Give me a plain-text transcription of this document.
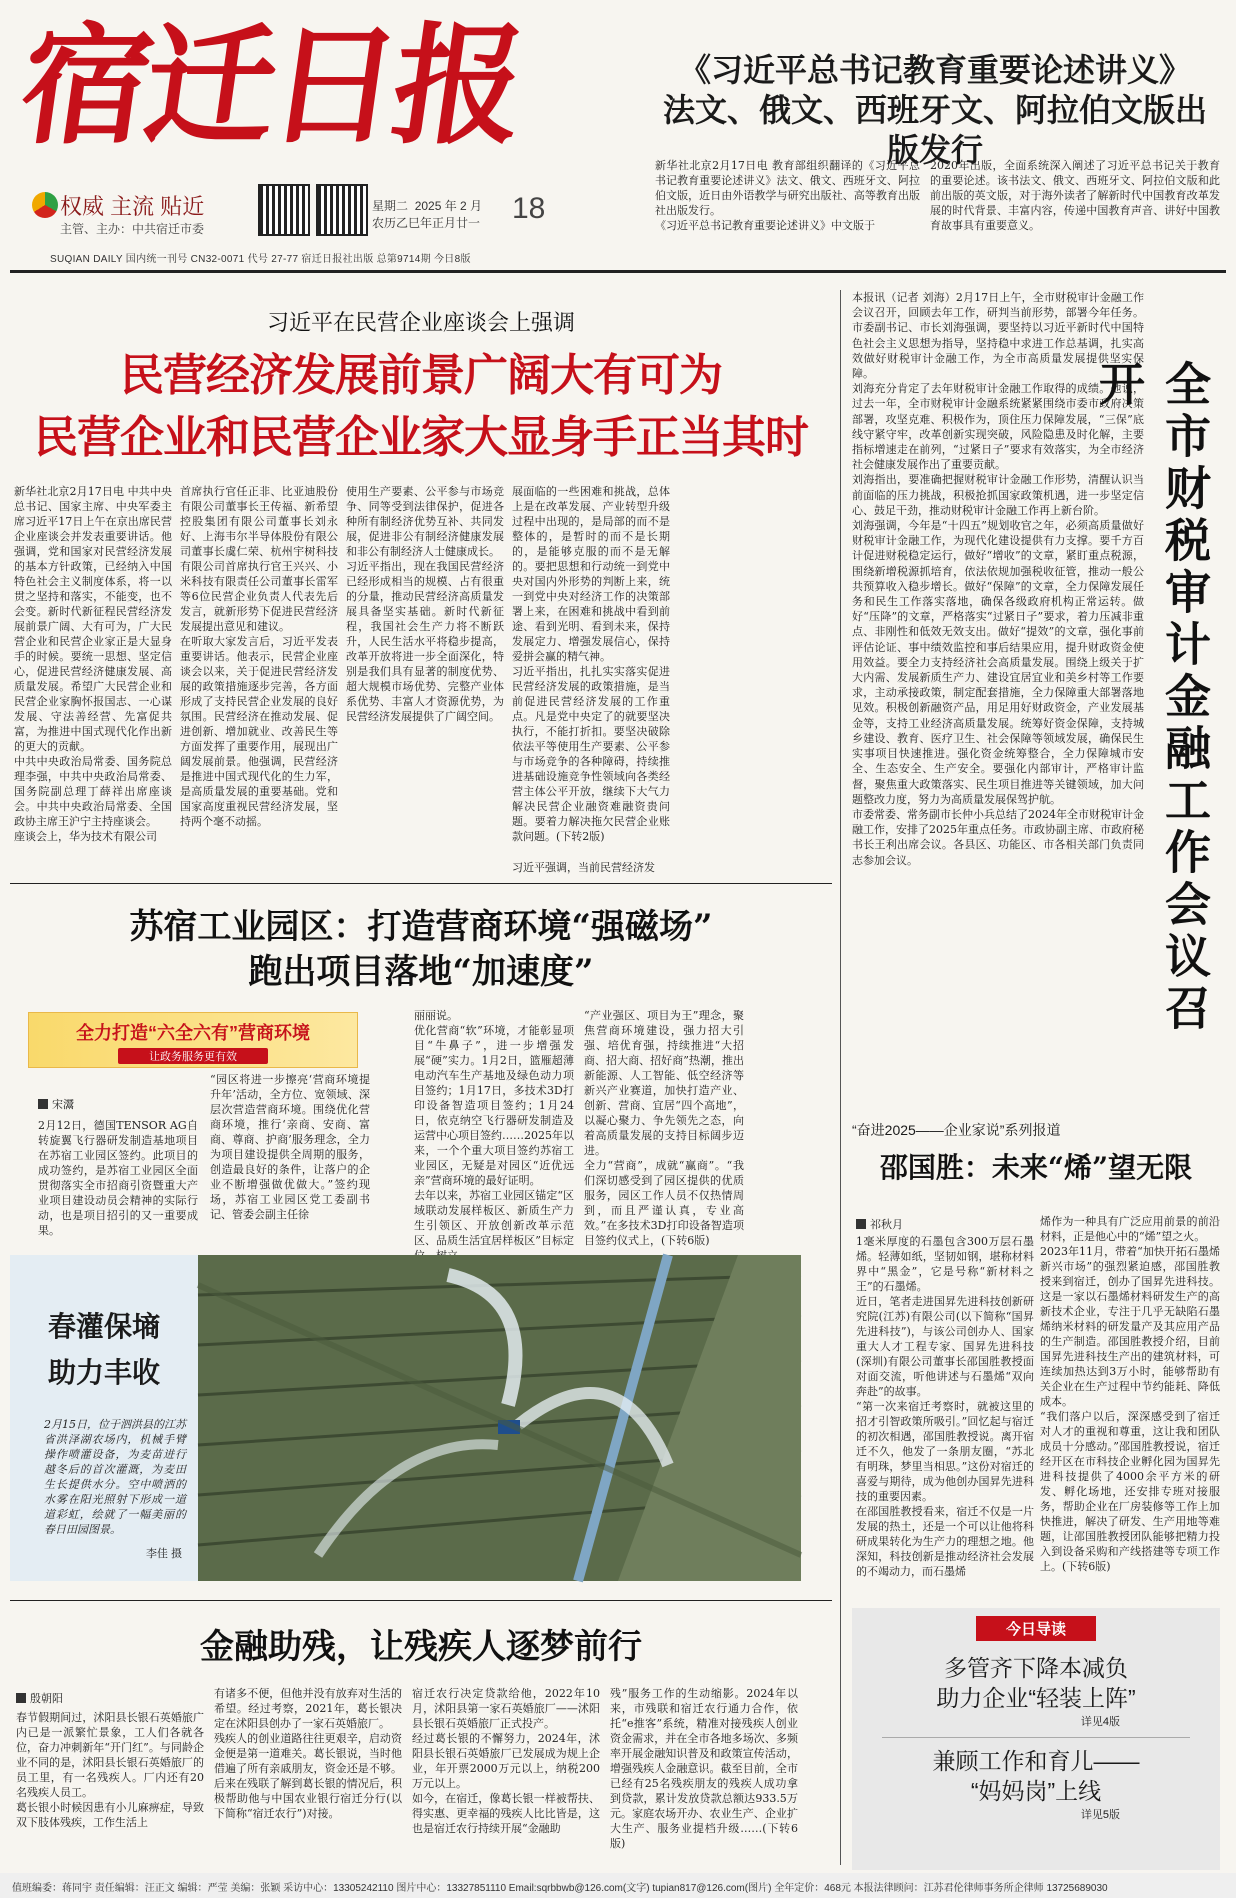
宿迁日报
权威 主流 贴近
主管、主办：中共宿迁市委
星期二 2025 年 2 月
农历乙巳年正月廿一 18
SUQIAN DAILY 国内统一刊号 CN32-0071 代号 27-77 宿迁日报社出版 总第9714期 今日8版
《习近平总书记教育重要论述讲义》
法文、俄文、西班牙文、阿拉伯文版出版发行
新华社北京2月17日电 教育部组织翻译的《习近平总书记教育重要论述讲义》法文、俄文、西班牙文、阿拉伯文版，近日由外语教学与研究出版社、高等教育出版社出版发行。
《习近平总书记教育重要论述讲义》中文版于
2020年出版，全面系统深入阐述了习近平总书记关于教育的重要论述。该书法文、俄文、西班牙文、阿拉伯文版和此前出版的英文版，对于海外读者了解新时代中国教育改革发展的时代背景、丰富内容，传递中国教育声音、讲好中国教育故事具有重要意义。
习近平在民营企业座谈会上强调
民营经济发展前景广阔大有可为
民营企业和民营企业家大显身手正当其时
新华社北京2月17日电 中共中央总书记、国家主席、中央军委主席习近平17日上午在京出席民营企业座谈会并发表重要讲话。他强调，党和国家对民营经济发展的基本方针政策，已经纳入中国特色社会主义制度体系，将一以贯之坚持和落实，不能变，也不会变。新时代新征程民营经济发展前景广阔、大有可为，广大民营企业和民营企业家正是大显身手的时候。要统一思想、坚定信心，促进民营经济健康发展、高质量发展。希望广大民营企业和民营企业家胸怀报国志、一心谋发展、守法善经营、先富促共富，为推进中国式现代化作出新的更大的贡献。
中共中央政治局常委、国务院总理李强，中共中央政治局常委、国务院副总理丁薛祥出席座谈会。中共中央政治局常委、全国政协主席王沪宁主持座谈会。
座谈会上，华为技术有限公司
首席执行官任正非、比亚迪股份有限公司董事长王传福、新希望控股集团有限公司董事长刘永好、上海韦尔半导体股份有限公司董事长虞仁荣、杭州宇树科技有限公司首席执行官王兴兴、小米科技有限责任公司董事长雷军等6位民营企业负责人代表先后发言，就新形势下促进民营经济发展提出意见和建议。
在听取大家发言后，习近平发表重要讲话。他表示，民营企业座谈会以来，关于促进民营经济发展的政策措施逐步完善，各方面形成了支持民营企业发展的良好氛围。民营经济在推动发展、促进创新、增加就业、改善民生等方面发挥了重要作用，展现出广阔发展前景。他强调，民营经济是推进中国式现代化的生力军，是高质量发展的重要基础。党和国家高度重视民营经济发展，坚持两个毫不动摇。
使用生产要素、公平参与市场竞争、同等受到法律保护，促进各种所有制经济优势互补、共同发展，促进非公有制经济健康发展和非公有制经济人士健康成长。
习近平指出，现在我国民营经济已经形成相当的规模、占有很重的分量，推动民营经济高质量发展具备坚实基础。新时代新征程，我国社会生产力将不断跃升，人民生活水平将稳步提高，改革开放将进一步全面深化，特别是我们具有显著的制度优势、超大规模市场优势、完整产业体系优势、丰富人才资源优势，为民营经济发展提供了广阔空间。
展面临的一些困难和挑战，总体上是在改革发展、产业转型升级过程中出现的，是局部的而不是整体的，是暂时的而不是长期的，是能够克服的而不是无解的。要把思想和行动统一到党中央对国内外形势的判断上来，统一到党中央对经济工作的决策部署上来，在困难和挑战中看到前途、看到光明、看到未来，保持发展定力、增强发展信心，保持爱拼会赢的精气神。
习近平指出，扎扎实实落实促进民营经济发展的政策措施，是当前促进民营经济发展的工作重点。凡是党中央定了的就要坚决执行，不能打折扣。要坚决破除依法平等使用生产要素、公平参与市场竞争的各种障碍，持续推进基础设施竞争性领域向各类经营主体公平开放，继续下大气力解决民营企业融资难融资贵问题。要着力解决拖欠民营企业账款问题。(下转2版)
习近平强调，当前民营经济发
本报讯（记者 刘海）2月17日上午，全市财税审计金融工作会议召开，回顾去年工作，研判当前形势，部署今年任务。市委副书记、市长刘海强调，要坚持以习近平新时代中国特色社会主义思想为指导，坚持稳中求进工作总基调，扎实高效做好财税审计金融工作，为全市高质量发展提供坚实保障。
刘海充分肯定了去年财税审计金融工作取得的成绩。他说，过去一年，全市财税审计金融系统紧紧围绕市委市政府决策部署，攻坚克难、积极作为，顶住压力保障发展，“三保”底线守紧守牢，改革创新实现突破，风险隐患及时化解，主要指标增速走在前列，“过紧日子”要求有效落实，为全市经济社会健康发展作出了重要贡献。
刘海指出，要准确把握财税审计金融工作形势，清醒认识当前面临的压力挑战，积极抢抓国家政策机遇，进一步坚定信心、鼓足干劲，推动财税审计金融工作再上新台阶。
刘海强调，今年是“十四五”规划收官之年，必须高质量做好财税审计金融工作，为现代化建设提供有力支撑。要千方百计促进财税稳定运行，做好“增收”的文章，紧盯重点税源，围绕新增税源抓培育，依法依规加强税收征管，推动一般公共预算收入稳步增长。做好“保障”的文章，全力保障发展任务和民生工作落实落地，确保各级政府机构正常运转。做好“压降”的文章，严格落实“过紧日子”要求，着力压减非重点、非刚性和低效无效支出。做好“提效”的文章，强化事前评估论证、事中绩效监控和事后结果应用，提升财政资金使用效益。要全力支持经济社会高质量发展。围绕上级关于扩大内需、发展新质生产力、建设宜居宜业和美乡村等工作要求，主动承接政策，制定配套措施，全力保障重大部署落地见效。积极创新融资产品，用足用好财政资金，产业发展基金等，支持工业经济高质量发展。统筹好资金保障，支持城乡建设、教育、医疗卫生、社会保障等领域发展，确保民生实事项目快速推进。强化资金统筹整合，全力保障城市安全、生态安全、生产安全。要强化内部审计，严格审计监督，聚焦重大政策落实、民生项目推进等关键领域，加大问题整改力度，努力为高质量发展保驾护航。
市委常委、常务副市长仲小兵总结了2024年全市财税审计金融工作，安排了2025年重点任务。市政协副主席、市政府秘书长王利出席会议。各县区、功能区、市各相关部门负责同志参加会议。	全市财税审计金融工作会议召开
苏宿工业园区：打造营商环境“强磁场”
跑出项目落地“加速度”
全力打造“六全六有”营商环境
让政务服务更有效
宋灊
2月12日，德国TENSOR AG自转旋翼飞行器研发制造基地项目在苏宿工业园区签约。此项目的成功签约，是苏宿工业园区全面贯彻落实全市招商引资暨重大产业项目建设动员会精神的实际行动，也是项目招引的又一重要成果。
“园区将进一步擦亮‘营商环境提升年’活动，全方位、宽领域、深层次营造营商环境。围绕优化营商环境，推行‘亲商、安商、富商、尊商、护商’服务理念，全力为项目建设提供全周期的服务，创造最良好的条件，让落户的企业不断增强做优做大。”签约现场，苏宿工业园区党工委副书记、管委会副主任徐
丽丽说。
优化营商“软”环境，才能彰显项目“牛鼻子”，进一步增强发展“硬”实力。1月2日，篮雁超薄电动汽车生产基地及绿色动力项目签约；1月17日，多技术3D打印设备智造项目签约；1月24日，依克纳空飞行器研发制造及运营中心项目签约……2025年以来，一个个重大项目签约苏宿工业园区，无疑是对园区“近优远亲”营商环境的最好证明。
去年以来，苏宿工业园区锚定“区域联动发展样板区、新质生产力生引领区、开放创新改革示范区、品质生活宜居样板区”目标定
“产业强区、项目为王”理念，聚焦营商环境建设，强力招大引强、培优育强，持续推进“大招商、招大商、招好商”热潮，推出新能源、人工智能、低空经济等新兴产业赛道，加快打造产业、创新、营商、宜居“四个高地”，以凝心聚力、争先领先之态，向着高质量发展的支持目标阔步迈进。
全力“营商”，成就“赢商”。“我们深切感受到了园区提供的优质服务，园区工作人员不仅热情周到，而且严谨认真，专业高效。”在多技术3D打印设备智造项目签约仪式上，(下转6版)
春灌保墒
助力丰收
2月15日，位于泗洪县的江苏省洪泽湖农场内，机械手臂操作喷灌设备，为麦苗进行越冬后的首次灌溉，为麦田生长提供水分。空中喷洒的水雾在阳光照射下形成一道道彩虹，绘就了一幅美丽的春日田园图景。
李佳 摄
金融助残，让残疾人逐梦前行
殷朝阳
春节假期间过，沭阳县长银石英婚旅广内已是一派繁忙景象，工人们各就各位，奋力冲刺新年“开门红”。与同龄企业不同的是，沭阳县长银石英婚旅厂的员工里，有一名残疾人。厂内还有20名残疾人员工。
葛长银小时候因患有小儿麻痹症，导致双下肢体残疾，工作生活上
有诸多不便，但他并没有放弃对生活的希望。经过考察，2021年，葛长银决定在沭阳县创办了一家石英婚旅厂。
残疾人的创业道路往往更艰辛，启动资金便是第一道难关。葛长银说，当时他借遍了所有亲戚朋友，资金还是不够。后来在残联了解到葛长银的情况后，积极帮助他与中国农业银行宿迁分行(以下简称“宿迁农行”)对接。
宿迁农行决定贷款给他，2022年10月，沭阳县第一家石英婚旅厂——沭阳县长银石英婚旅厂正式投产。
经过葛长银的不懈努力，2024年，沭阳县长银石英婚旅厂已发展成为规上企业，年开票2000万元以上，纳税200万元以上。
如今，在宿迁，像葛长银一样被帮扶、得实惠、更幸福的残疾人比比皆是，这也是宿迁农行持续开展“金融助
残”服务工作的生动缩影。2024年以来，市残联和宿迁农行通力合作，依托“e推客”系统，精准对接残疾人创业资金需求，并在全市各地多场次、多频率开展金融知识普及和政策宣传活动，增强残疾人金融意识。截至目前，全市已经有25名残疾朋友的残疾人成功拿到贷款，累计发放贷款总额达933.5万元。家庭农场开办、农业生产、企业扩大生产、服务业提档升级……(下转6版)
“奋进2025——企业家说”系列报道
邵国胜：未来“烯”望无限
祁秋月
1毫米厚度的石墨包含300万层石墨烯。轻薄如纸，坚韧如钢，堪称材料界中“黑金”，它是号称“新材料之王”的石墨烯。
近日，笔者走进国昇先进科技创新研究院(江苏)有限公司(以下简称“国昇先进科技”)，与该公司创办人、国家重大人才工程专家、国昇先进科技(深圳)有限公司董事长邵国胜教授面对面交流，听他讲述与石墨烯“双向奔赴”的故事。
“第一次来宿迁考察时，就被这里的招才引智政策所吸引。”回忆起与宿迁的初次相遇，邵国胜教授说。离开宿迁不久，他发了一条朋友圈，“苏北有明珠，梦里当相思。”这份对宿迁的喜爱与期待，成为他创办国昇先进科技的重要因素。
在邵国胜教授看来，宿迁不仅是一片发展的热土，还是一个可以让他将科研成果转化为生产力的理想之地。他深知，科技创新是推动经济社会发展的不竭动力，而石墨烯
烯作为一种具有广泛应用前景的前沿材料，正是他心中的“烯”望之火。
2023年11月，带着“加快开拓石墨烯新兴市场”的强烈紧迫感，邵国胜教授来到宿迁，创办了国昇先进科技。这是一家以石墨烯材料研发生产的高新技术企业，专注于几乎无缺陷石墨烯纳米材料的研发量产及其应用产品的生产制造。邵国胜教授介绍，目前国昇先进科技生产出的建筑材料，可连续加热达到3万小时，能够帮助有关企业在生产过程中节约能耗、降低成本。
“我们落户以后，深深感受到了宿迁对人才的重视和尊重，这让我和团队成员十分感动。”邵国胜教授说，宿迁经开区在市科技企业孵化园为国昇先进科技提供了4000余平方米的研发、孵化场地，还安排专班对接服务，帮助企业在厂房装修等工作上加快推进，解决了研发、生产用地等难题，让邵国胜教授团队能够把精力投入到设备采购和产线搭建等专项工作上。(下转6版)
今日导读
多管齐下降本减负
助力企业“轻装上阵”
详见4版
兼顾工作和育儿——
“妈妈岗”上线
详见5版
值班编委：蒋同宇 责任编辑：汪正文 编辑：严莹 美编：张颖 采访中心：13305242110 图片中心：13327851110 Email:sqrbbwb@126.com(文字) tupian817@126.com(图片) 全年定价：468元 本报法律顾问：江苏君伦律师事务所企律师 13725689030
